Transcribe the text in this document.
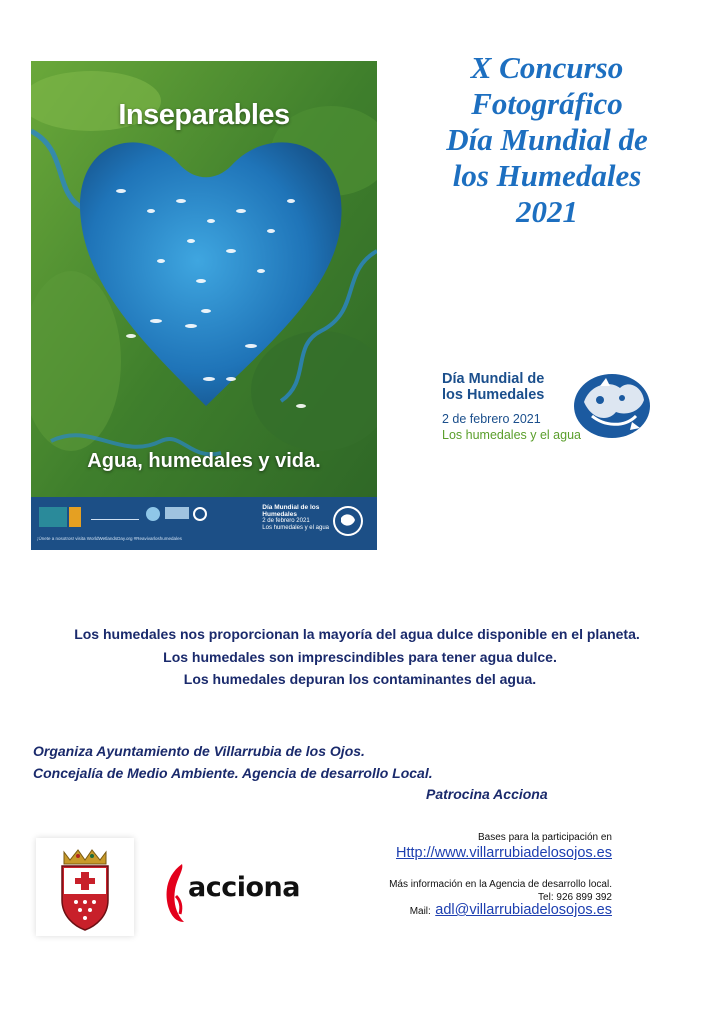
Inseparables
Agua, humedales y vida.
Día Mundial de los Humedales
2 de febrero 2021
Los humedales y el agua
¡Únete a nosotros! visita WorldWetlandsDay.org #Reavivarloshumedales
X Concurso
Fotográfico
Día Mundial de
los Humedales
2021
Día Mundial de
los Humedales
2 de febrero 2021
Los humedales y el agua
Los humedales nos proporcionan la mayoría del agua dulce disponible en el planeta.
Los humedales son imprescindibles para tener agua dulce.
Los humedales depuran los contaminantes del agua.
Organiza Ayuntamiento de Villarrubia de los Ojos.
Concejalía de Medio Ambiente. Agencia de desarrollo Local.
Patrocina Acciona
acciona
Bases para la participación en
Http://www.villarrubiadelosojos.es
Más información en la Agencia de desarrollo local.
Tel: 926 899 392
Mail: adl@villarrubiadelosojos.es
